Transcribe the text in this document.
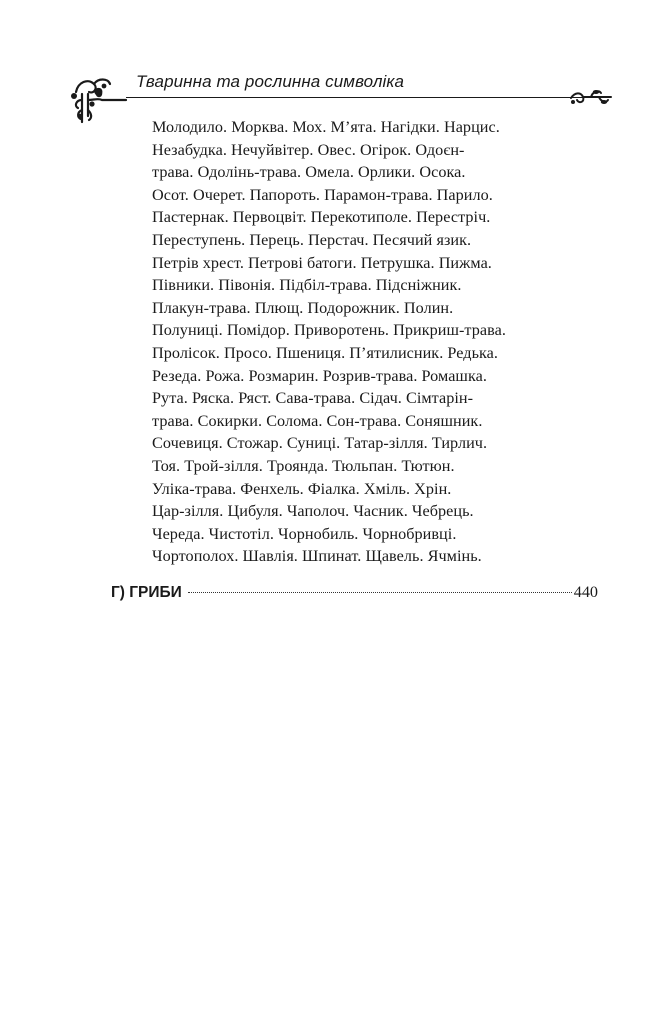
Тваринна та рослинна символіка
Молодило. Морква. Мох. М’ята. Нагідки. Нарцис.
Незабудка. Нечуйвітер. Овес. Огірок. Одоєн-
трава. Одолінь-трава. Омела. Орлики. Осока.
Осот. Очерет. Папороть. Парамон-трава. Парило.
Пастернак. Первоцвіт. Перекотиполе. Перестріч.
Переступень. Перець. Перстач. Песячий язик.
Петрів хрест. Петрові батоги. Петрушка. Пижма.
Півники. Півонія. Підбіл-трава. Підсніжник.
Плакун-трава. Плющ. Подорожник. Полин.
Полуниці. Помідор. Приворотень. Прикриш-трава.
Пролісок. Просо. Пшениця. П’ятилисник. Редька.
Резеда. Рожа. Розмарин. Розрив-трава. Ромашка.
Рута. Ряска. Ряст. Сава-трава. Сідач. Сімтарін-
трава. Сокирки. Солома. Сон-трава. Соняшник.
Сочевиця. Стожар. Суниці. Татар-зілля. Тирлич.
Тоя. Трой-зілля. Троянда. Тюльпан. Тютюн.
Уліка-трава. Фенхель. Фіалка. Хміль. Хрін.
Цар-зілля. Цибуля. Чаполоч. Часник. Чебрець.
Череда. Чистотіл. Чорнобиль. Чорнобривці.
Чортополох. Шавлія. Шпинат. Щавель. Ячмінь.
Г) ГРИБИ	440
